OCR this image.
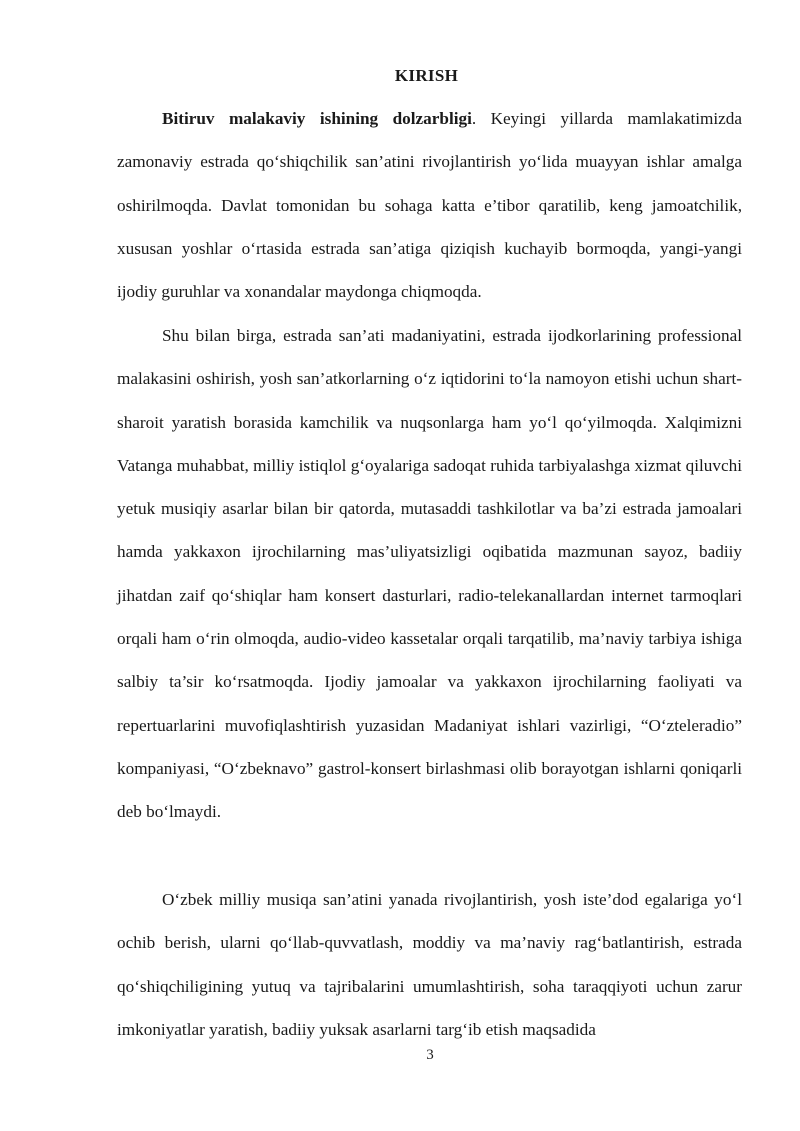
KIRISH

Bitiruv malakaviy ishining dolzarbligi. Keyingi yillarda mamlakatimizda zamonaviy estrada qo‘shiqchilik san’atini rivojlantirish yo‘lida muayyan ishlar amalga oshirilmoqda. Davlat tomonidan bu sohaga katta e’tibor qaratilib, keng jamoatchilik, xususan yoshlar o‘rtasida estrada san’atiga qiziqish kuchayib bormoqda, yangi-yangi ijodiy guruhlar va xonandalar maydonga chiqmoqda.

Shu bilan birga, estrada san’ati madaniyatini, estrada ijodkorlarining professional malakasini oshirish, yosh san’atkorlarning o‘z iqtidorini to‘la namoyon etishi uchun shart-sharoit yaratish borasida kamchilik va nuqsonlarga ham yo‘l qo‘yilmoqda. Xalqimizni Vatanga muhabbat, milliy istiqlol g‘oyalariga sadoqat ruhida tarbiyalashga xizmat qiluvchi yetuk musiqiy asarlar bilan bir qatorda, mutasaddi tashkilotlar va ba’zi estrada jamoalari hamda yakkaxon ijrochilarning mas’uliyatsizligi oqibatida mazmunan sayoz, badiiy jihatdan zaif qo‘shiqlar ham konsert dasturlari, radio-telekanallardan internet tarmoqlari orqali ham o‘rin olmoqda, audio-video kassetalar orqali tarqatilib, ma’naviy tarbiya ishiga salbiy ta’sir ko‘rsatmoqda. Ijodiy jamoalar va yakkaxon ijrochilarning faoliyati va repertuarlarini muvofiqlashtirish yuzasidan Madaniyat ishlari vazirligi, “O‘zteleradio” kompaniyasi, “O‘zbeknavo” gastrol-konsert birlashmasi olib borayotgan ishlarni qoniqarli deb bo‘lmaydi.

O‘zbek milliy musiqa san’atini yanada rivojlantirish, yosh iste’dod egalariga yo‘l ochib berish, ularni qo‘llab-quvvatlash, moddiy va ma’naviy rag‘batlantirish, estrada qo‘shiqchiligining yutuq va tajribalarini umumlashtirish, soha taraqqiyoti uchun zarur imkoniyatlar yaratish, badiiy yuksak asarlarni targ‘ib etish maqsadida

3
